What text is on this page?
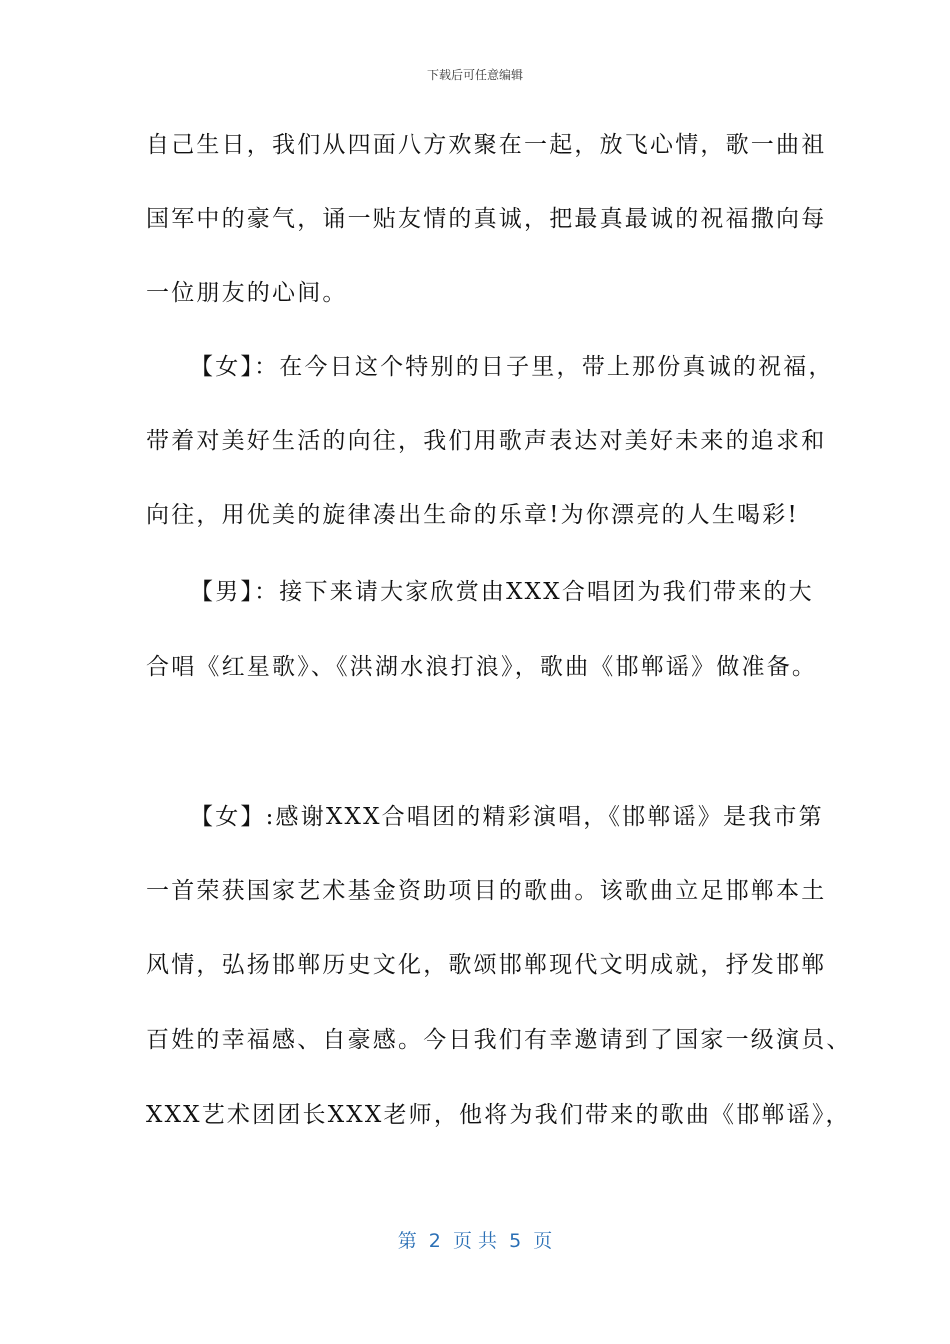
下载后可任意编辑
自己生日，我们从四面八方欢聚在一起，放飞心情，歌一曲祖
国军中的豪气，诵一贴友情的真诚，把最真最诚的祝福撒向每
一位朋友的心间。
【女】：在今日这个特别的日子里，带上那份真诚的祝福，
带着对美好生活的向往，我们用歌声表达对美好未来的追求和
向往，用优美的旋律凑出生命的乐章!为你漂亮的人生喝彩!
【男】：接下来请大家欣赏由XXX合唱团为我们带来的大
合唱《红星歌》、《洪湖水浪打浪》，歌曲《邯郸谣》做准备。
【女】:感谢XXX合唱团的精彩演唱，《邯郸谣》是我市第
一首荣获国家艺术基金资助项目的歌曲。该歌曲立足邯郸本土
风情，弘扬邯郸历史文化，歌颂邯郸现代文明成就，抒发邯郸
百姓的幸福感、自豪感。今日我们有幸邀请到了国家一级演员、
XXX艺术团团长XXX老师，他将为我们带来的歌曲《邯郸谣》，
第  2  页 共  5  页
